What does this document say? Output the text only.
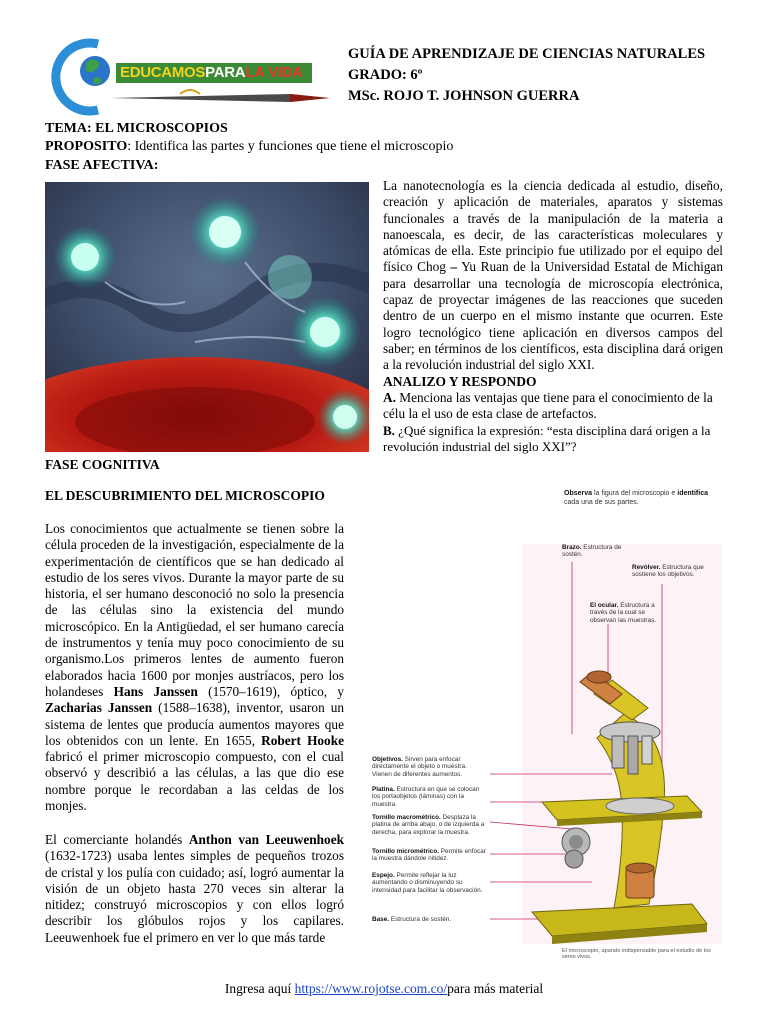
EDUCAMOSPARALA VIDA
GUÍA DE APRENDIZAJE DE CIENCIAS NATURALES
GRADO: 6º
MSc. ROJO T. JOHNSON GUERRA
TEMA: EL MICROSCOPIOS
PROPOSITO: Identifica las partes y funciones que tiene el microscopio
FASE AFECTIVA:
La nanotecnología es la ciencia dedicada al estudio, diseño, creación y aplicación de materiales, aparatos y sistemas funcionales a través de la manipulación de la materia a nanoescala, es decir, de las características moleculares y atómicas de ella. Este principio fue utilizado por el equipo del físico Chog – Yu Ruan de la Universidad Estatal de Michigan para desarrollar una tecnología de microscopía electrónica, capaz de proyectar imágenes de las reacciones que suceden dentro de un cuerpo en el mismo instante que ocurren. Este logro tecnológico tiene aplicación en diversos campos del saber; en términos de los científicos, esta disciplina dará origen a la revolución industrial del siglo XXI.
ANALIZO Y RESPONDO
A. Menciona las ventajas que tiene para el conocimiento de la célu la el uso de esta clase de artefactos.
B. ¿Qué significa la expresión: “esta disciplina dará origen a la revolución industrial del siglo XXI”?
FASE COGNITIVA
EL DESCUBRIMIENTO DEL MICROSCOPIO
Los conocimientos que actualmente se tienen sobre la célula proceden de la investigación, especialmente de la experimentación de científicos que se han dedicado al estudio de los seres vivos. Durante la mayor parte de su historia, el ser humano desconoció no solo la presencia de las células sino la existencia del mundo microscópico. En la Antigüedad, el ser humano carecía de instrumentos y tenía muy poco conocimiento de su organismo.Los primeros lentes de aumento fueron elaborados hacia 1600 por monjes austríacos, pero los holandeses Hans Janssen (1570–1619), óptico, y Zacharias Janssen (1588–1638), inventor, usaron un sistema de lentes que producía aumentos mayores que los obtenidos con un lente. En 1655, Robert Hooke fabricó el primer microscopio compuesto, con el cual observó y describió a las células, a las que dio ese nombre porque le recordaban a las celdas de los monjes.
El comerciante holandés Anthon van Leeuwenhoek (1632-1723) usaba lentes simples de pequeños trozos de cristal y los pulía con cuidado; así, logró aumentar la visión de un objeto hasta 270 veces sin alterar la nitidez; construyó microscopios y con ellos logró describir los glóbulos rojos y los capilares. Leeuwenhoek fue el primero en ver lo que más tarde
Observa la figura del microscopio e identifica cada una de sus partes.
Brazo. Estructura de sostén.
Revólver. Estructura que sostiene los objetivos.
El ocular. Estructura a través de la cual se observan las muestras.
Objetivos. Sirven para enfocar directamente el objeto o muestra. Vienen de diferentes aumentos.
Platina. Estructura en que se colocan los portaobjetos (láminas) con la muestra.
Tornillo macrométrico. Desplaza la platina de arriba abajo, o de izquierda a derecha, para explorar la muestra.
Tornillo micrométrico. Permite enfocar la muestra dándole nitidez.
Espejo. Permite reflejar la luz aumentando o disminuyendo su intensidad para facilitar la observación.
Base. Estructura de sostén.
El microscopio, aparato indispensable para el estudio de los seres vivos.
Ingresa aquí https://www.rojotse.com.co/para más material
